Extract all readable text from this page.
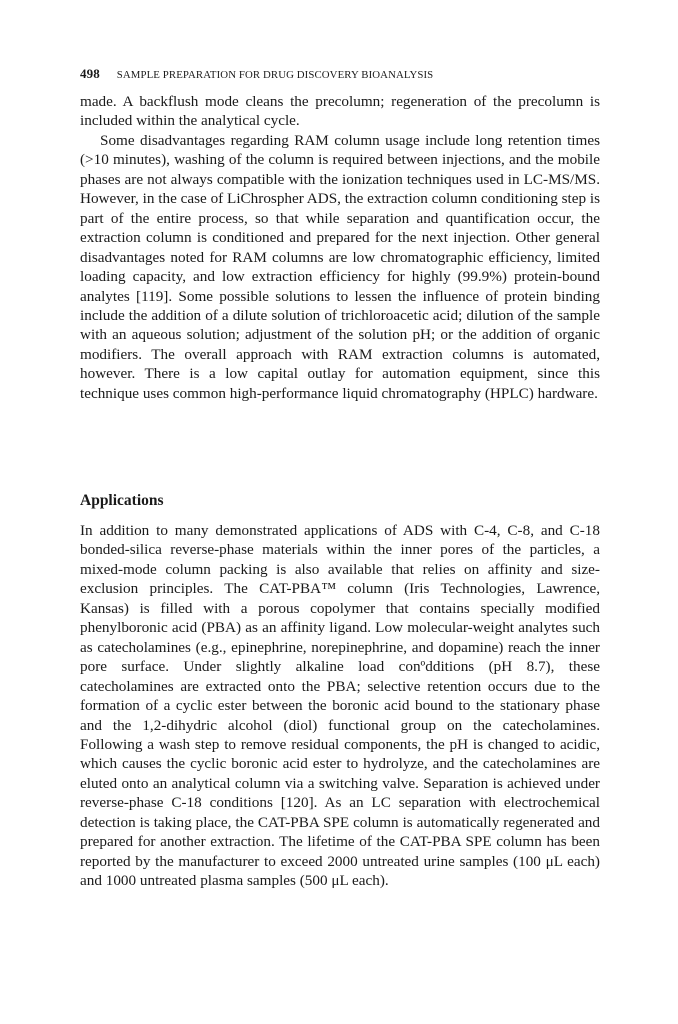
498 SAMPLE PREPARATION FOR DRUG DISCOVERY BIOANALYSIS

made. A backflush mode cleans the precolumn; regeneration of the precolumn is included within the analytical cycle.

Some disadvantages regarding RAM column usage include long retention times (>10 minutes), washing of the column is required between injections, and the mobile phases are not always compatible with the ionization techniques used in LC-MS/MS. However, in the case of LiChrospher ADS, the extraction column conditioning step is part of the entire process, so that while separation and quantification occur, the extraction column is conditioned and prepared for the next injection. Other general disadvantages noted for RAM columns are low chromatographic efficiency, limited loading capacity, and low extraction efficiency for highly (99.9%) protein-bound analytes [119]. Some possible solutions to lessen the influence of protein binding include the addition of a dilute solution of trichloroacetic acid; dilution of the sample with an aqueous solution; adjustment of the solution pH; or the addition of organic modifiers. The overall approach with RAM extraction columns is automated, however. There is a low capital outlay for automation equipment, since this technique uses common high-performance liquid chromatography (HPLC) hardware.

Applications

In addition to many demonstrated applications of ADS with C-4, C-8, and C-18 bonded-silica reverse-phase materials within the inner pores of the particles, a mixed-mode column packing is also available that relies on affinity and size-exclusion principles. The CAT-PBA™ column (Iris Technologies, Lawrence, Kansas) is filled with a porous copolymer that contains specially modified phenylboronic acid (PBA) as an affinity ligand. Low molecular-weight analytes such as catecholamines (e.g., epinephrine, norepinephrine, and dopamine) reach the inner pore surface. Under slightly alkaline load conºdditions (pH 8.7), these catecholamines are extracted onto the PBA; selective retention occurs due to the formation of a cyclic ester between the boronic acid bound to the stationary phase and the 1,2-dihydric alcohol (diol) functional group on the catecholamines. Following a wash step to remove residual components, the pH is changed to acidic, which causes the cyclic boronic acid ester to hydrolyze, and the catecholamines are eluted onto an analytical column via a switching valve. Separation is achieved under reverse-phase C-18 conditions [120]. As an LC separation with electrochemical detection is taking place, the CAT-PBA SPE column is automatically regenerated and prepared for another extraction. The lifetime of the CAT-PBA SPE column has been reported by the manufacturer to exceed 2000 untreated urine samples (100 μL each) and 1000 untreated plasma samples (500 μL each).
